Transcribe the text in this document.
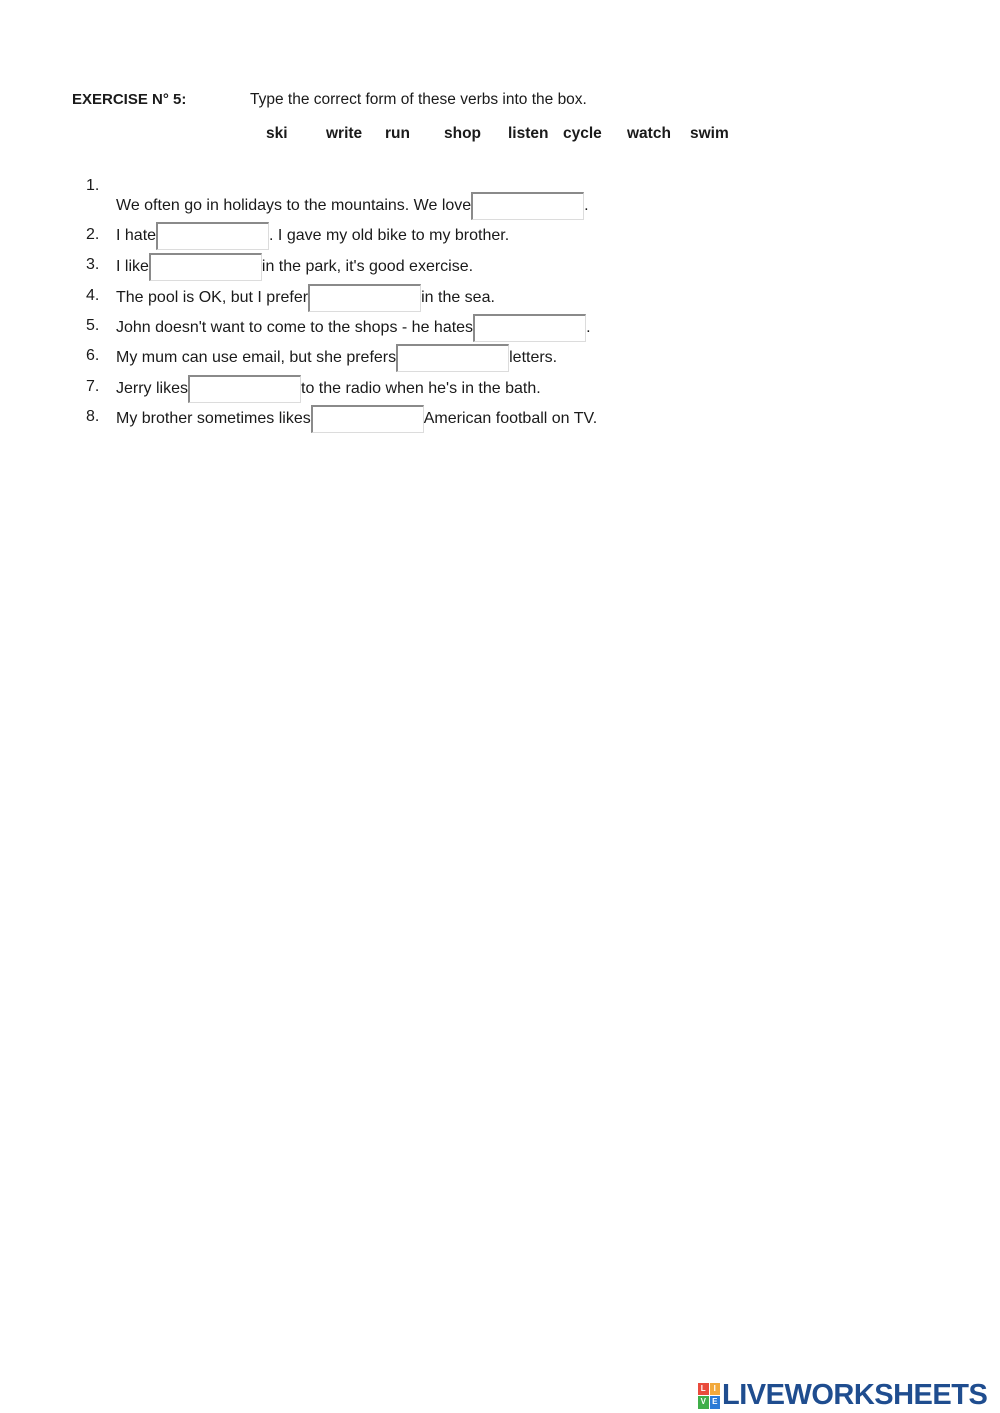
EXERCISE N° 5:	Type the correct form of these verbs into the box.
ski write run shop listen cycle watch swim
1.
We often go in holidays to the mountains. We love	.
2.	I hate	. I gave my old bike to my brother.
3.	I like	in the park, it's good exercise.
4.	The pool is OK, but I prefer	in the sea.
5.	John doesn't want to come to the shops - he hates	.
6.	My mum can use email, but she prefers	letters.
7.	Jerry likes	to the radio when he's in the bath.
8.	My brother sometimes likes	American football on TV.
L I
V E LIVEWORKSHEETS
